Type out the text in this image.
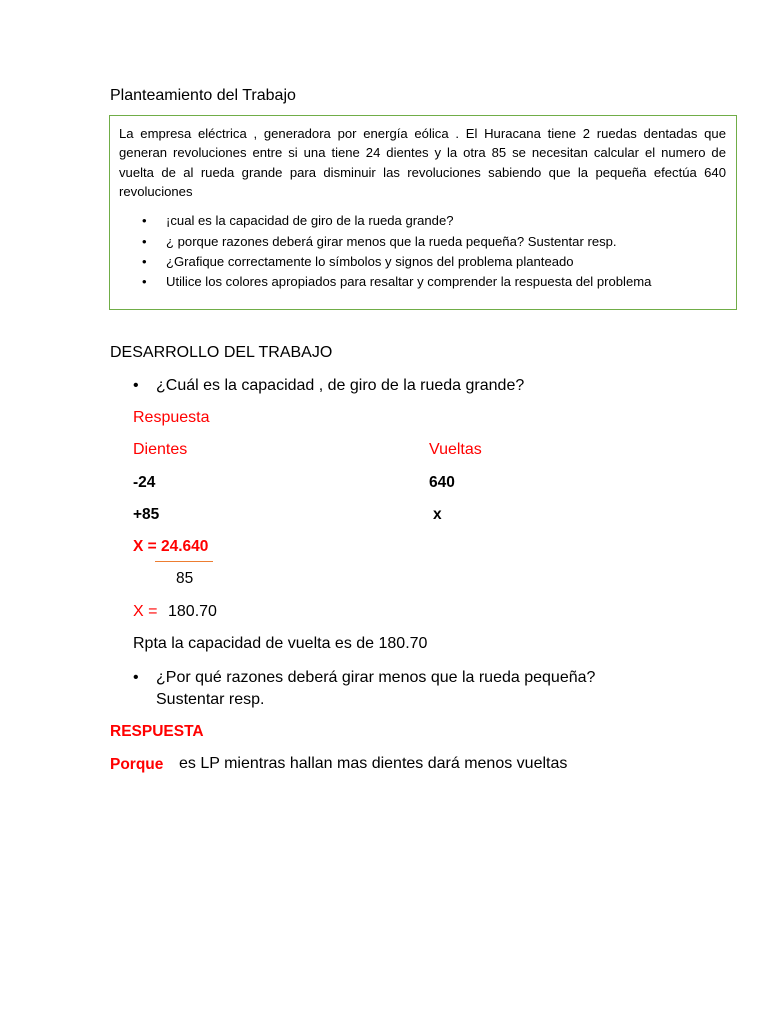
Planteamiento del Trabajo

La empresa eléctrica , generadora por energía eólica . El Huracana tiene 2 ruedas dentadas que generan revoluciones entre si una tiene 24 dientes y la otra 85 se necesitan calcular el numero de vuelta de al rueda grande para disminuir las revoluciones sabiendo que la pequeña efectúa 640 revoluciones

• ¡cual es la capacidad de giro de la rueda grande?
• ¿ porque razones deberá girar menos que la rueda pequeña? Sustentar resp.
• ¿Grafique correctamente lo símbolos y signos del problema planteado
• Utilice los colores apropiados para resaltar y comprender la respuesta del problema
DESARROLLO DEL TRABAJO
• ¿Cuál es la capacidad , de giro de la rueda grande?
Respuesta
Dientes	Vueltas
-24	640
+85	x
X = 24.640
85
X = 180.70
Rpta la capacidad de vuelta es de 180.70
• ¿Por qué razones deberá girar menos que la rueda pequeña?
Sustentar resp.
RESPUESTA
Porque es LP mientras hallan mas dientes dará menos vueltas
